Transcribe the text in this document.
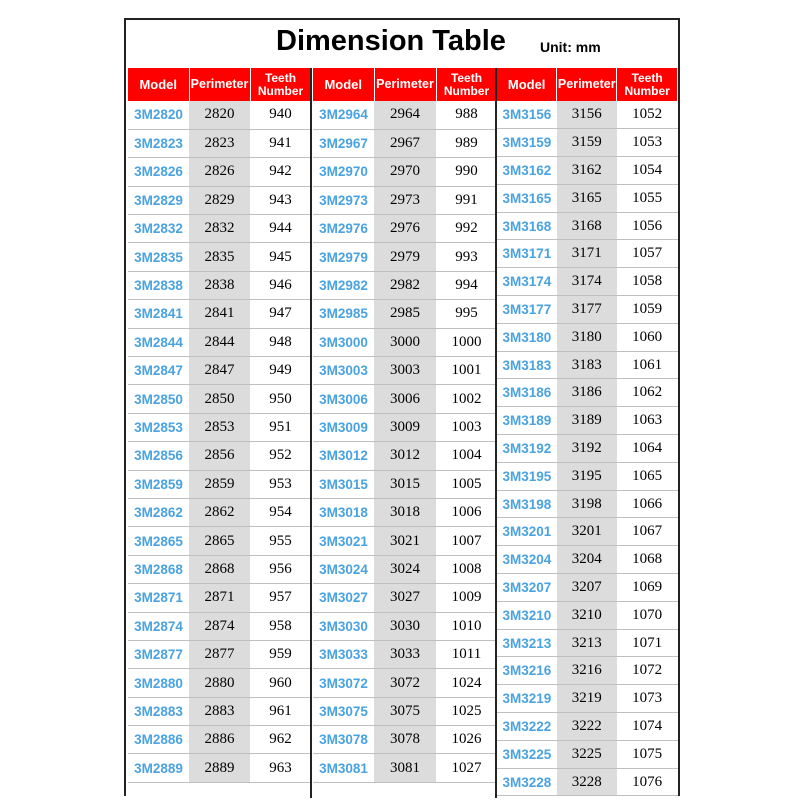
Dimension Table Unit: mm
Model	Perimeter	Teeth
Number
3M2820	2820	940
3M2823	2823	941
3M2826	2826	942
3M2829	2829	943
3M2832	2832	944
3M2835	2835	945
3M2838	2838	946
3M2841	2841	947
3M2844	2844	948
3M2847	2847	949
3M2850	2850	950
3M2853	2853	951
3M2856	2856	952
3M2859	2859	953
3M2862	2862	954
3M2865	2865	955
3M2868	2868	956
3M2871	2871	957
3M2874	2874	958
3M2877	2877	959
3M2880	2880	960
3M2883	2883	961
3M2886	2886	962
3M2889	2889	963
Model	Perimeter	Teeth
Number
3M2964	2964	988
3M2967	2967	989
3M2970	2970	990
3M2973	2973	991
3M2976	2976	992
3M2979	2979	993
3M2982	2982	994
3M2985	2985	995
3M3000	3000	1000
3M3003	3003	1001
3M3006	3006	1002
3M3009	3009	1003
3M3012	3012	1004
3M3015	3015	1005
3M3018	3018	1006
3M3021	3021	1007
3M3024	3024	1008
3M3027	3027	1009
3M3030	3030	1010
3M3033	3033	1011
3M3072	3072	1024
3M3075	3075	1025
3M3078	3078	1026
3M3081	3081	1027
Model	Perimeter	Teeth
Number
3M3156	3156	1052
3M3159	3159	1053
3M3162	3162	1054
3M3165	3165	1055
3M3168	3168	1056
3M3171	3171	1057
3M3174	3174	1058
3M3177	3177	1059
3M3180	3180	1060
3M3183	3183	1061
3M3186	3186	1062
3M3189	3189	1063
3M3192	3192	1064
3M3195	3195	1065
3M3198	3198	1066
3M3201	3201	1067
3M3204	3204	1068
3M3207	3207	1069
3M3210	3210	1070
3M3213	3213	1071
3M3216	3216	1072
3M3219	3219	1073
3M3222	3222	1074
3M3225	3225	1075
3M3228	3228	1076
